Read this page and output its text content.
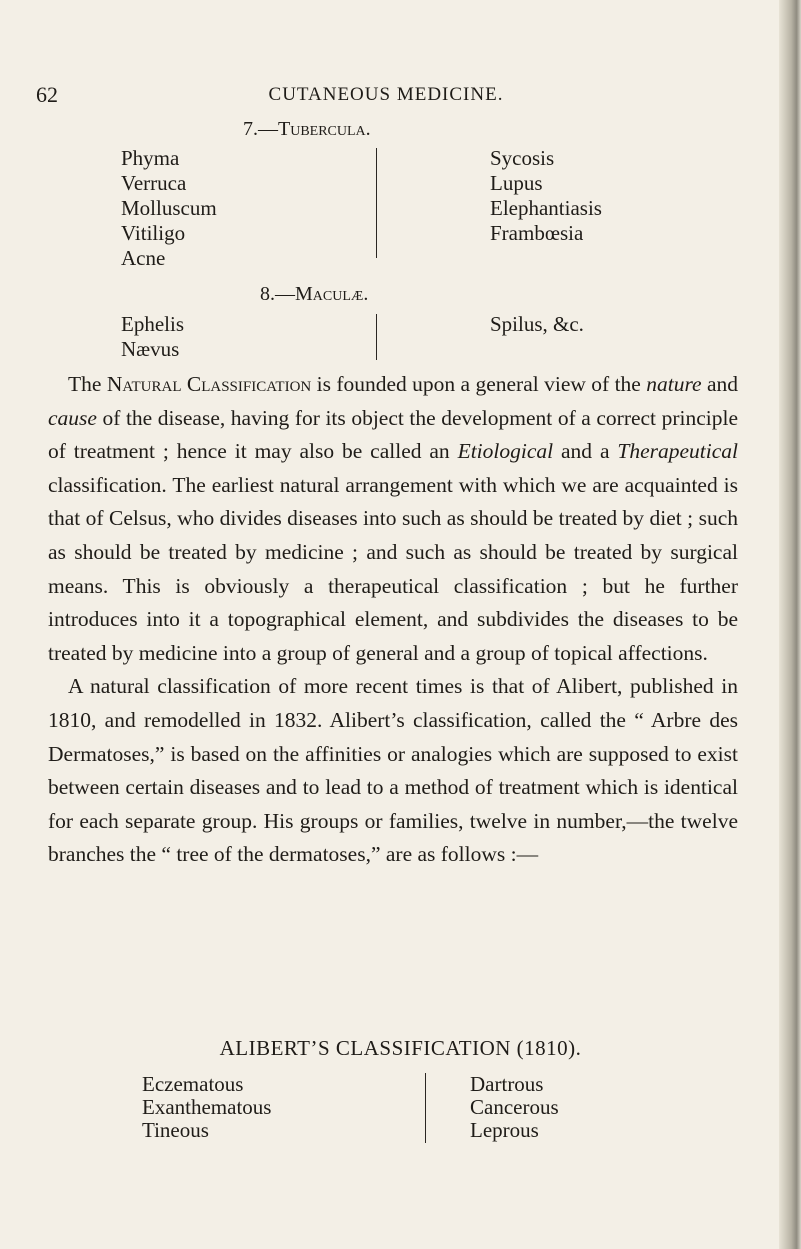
62	CUTANEOUS MEDICINE.
7.—Tubercula.
Phyma
Verruca
Molluscum
Vitiligo
Acne
Sycosis
Lupus
Elephantiasis
Frambœsia
8.—Maculæ.
Ephelis
Nævus
Spilus, &c.

The Natural Classification is founded upon a general view of the nature and cause of the disease, having for its object the development of a correct principle of treatment ; hence it may also be called an Etiological and a Therapeutical classification. The earliest natural arrangement with which we are acquainted is that of Celsus, who divides diseases into such as should be treated by diet ; such as should be treated by medicine ; and such as should be treated by surgical means. This is obviously a therapeutical classification ; but he further introduces into it a topographical element, and subdivides the diseases to be treated by medicine into a group of general and a group of topical affections.

A natural classification of more recent times is that of Alibert, published in 1810, and remodelled in 1832. Alibert’s classification, called the “ Arbre des Dermatoses,” is based on the affinities or analogies which are supposed to exist between certain diseases and to lead to a method of treatment which is identical for each separate group. His groups or families, twelve in number,—the twelve branches the “ tree of the dermatoses,” are as follows :—

ALIBERT’S CLASSIFICATION (1810).
Eczematous
Exanthematous
Tineous
Dartrous
Cancerous
Leprous
